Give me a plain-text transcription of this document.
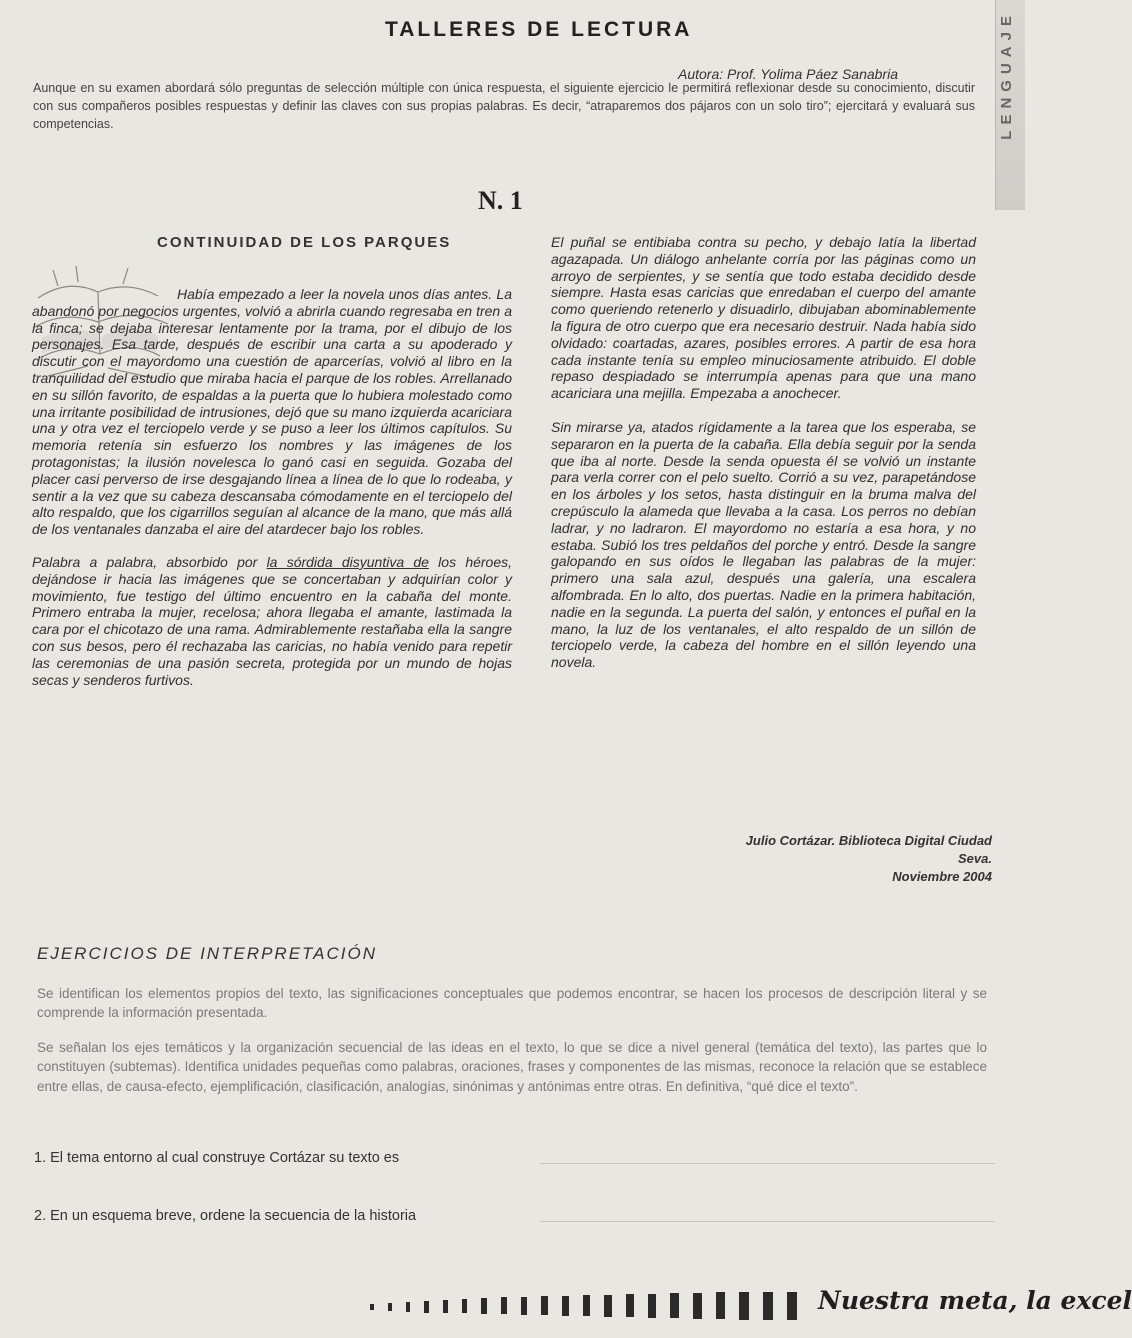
TALLERES DE LECTURA
Autora: Prof. Yolima Páez Sanabria
Aunque en su examen abordará sólo preguntas de selección múltiple con única respuesta, el siguiente ejercicio le permitirá reflexionar desde su conocimiento, discutir con sus compañeros posibles respuestas y definir las claves con sus propias palabras. Es decir, “atraparemos dos pájaros con un solo tiro”; ejercitará y evaluará sus competencias.
N. 1
LENGUAJE
CONTINUIDAD DE LOS PARQUES

Había empezado a leer la novela unos días antes. La abandonó por negocios urgentes, volvió a abrirla cuando regresaba en tren a la finca; se dejaba interesar lentamente por la trama, por el dibujo de los personajes. Esa tarde, después de escribir una carta a su apoderado y discutir con el mayordomo una cuestión de aparcerías, volvió al libro en la tranquilidad del estudio que miraba hacia el parque de los robles. Arrellanado en su sillón favorito, de espaldas a la puerta que lo hubiera molestado como una irritante posibilidad de intrusiones, dejó que su mano izquierda acariciara una y otra vez el terciopelo verde y se puso a leer los últimos capítulos. Su memoria retenía sin esfuerzo los nombres y las imágenes de los protagonistas; la ilusión novelesca lo ganó casi en seguida. Gozaba del placer casi perverso de irse desgajando línea a línea de lo que lo rodeaba, y sentir a la vez que su cabeza descansaba cómodamente en el terciopelo del alto respaldo, que los cigarrillos seguían al alcance de la mano, que más allá de los ventanales danzaba el aire del atardecer bajo los robles.

Palabra a palabra, absorbido por la sórdida disyuntiva de los héroes, dejándose ir hacia las imágenes que se concertaban y adquirían color y movimiento, fue testigo del último encuentro en la cabaña del monte. Primero entraba la mujer, recelosa; ahora llegaba el amante, lastimada la cara por el chicotazo de una rama. Admirablemente restañaba ella la sangre con sus besos, pero él rechazaba las caricias, no había venido para repetir las ceremonias de una pasión secreta, protegida por un mundo de hojas secas y senderos furtivos.

El puñal se entibiaba contra su pecho, y debajo latía la libertad agazapada. Un diálogo anhelante corría por las páginas como un arroyo de serpientes, y se sentía que todo estaba decidido desde siempre. Hasta esas caricias que enredaban el cuerpo del amante como queriendo retenerlo y disuadirlo, dibujaban abominablemente la figura de otro cuerpo que era necesario destruir. Nada había sido olvidado: coartadas, azares, posibles errores. A partir de esa hora cada instante tenía su empleo minuciosamente atribuido. El doble repaso despiadado se interrumpía apenas para que una mano acariciara una mejilla. Empezaba a anochecer.

Sin mirarse ya, atados rígidamente a la tarea que los esperaba, se separaron en la puerta de la cabaña. Ella debía seguir por la senda que iba al norte. Desde la senda opuesta él se volvió un instante para verla correr con el pelo suelto. Corrió a su vez, parapetándose en los árboles y los setos, hasta distinguir en la bruma malva del crepúsculo la alameda que llevaba a la casa. Los perros no debían ladrar, y no ladraron. El mayordomo no estaría a esa hora, y no estaba. Subió los tres peldaños del porche y entró. Desde la sangre galopando en sus oídos le llegaban las palabras de la mujer: primero una sala azul, después una galería, una escalera alfombrada. En lo alto, dos puertas. Nadie en la primera habitación, nadie en la segunda. La puerta del salón, y entonces el puñal en la mano, la luz de los ventanales, el alto respaldo de un sillón de terciopelo verde, la cabeza del hombre en el sillón leyendo una novela.

Julio Cortázar. Biblioteca Digital Ciudad Seva.
Noviembre 2004
EJERCICIOS DE INTERPRETACIÓN

Se identifican los elementos propios del texto, las significaciones conceptuales que podemos encontrar, se hacen los procesos de descripción literal y se comprende la información presentada.

Se señalan los ejes temáticos y la organización secuencial de las ideas en el texto, lo que se dice a nivel general (temática del texto), las partes que lo constituyen (subtemas). Identifica unidades pequeñas como palabras, oraciones, frases y componentes de las mismas, reconoce la relación que se establece entre ellas, de causa-efecto, ejemplificación, clasificación, analogías, sinónimas y antónimas entre otras. En definitiva, “qué dice el texto”.

1. El tema entorno al cual construye Cortázar su texto es
2. En un esquema breve, ordene la secuencia de la historia
Nuestra meta, la excel
